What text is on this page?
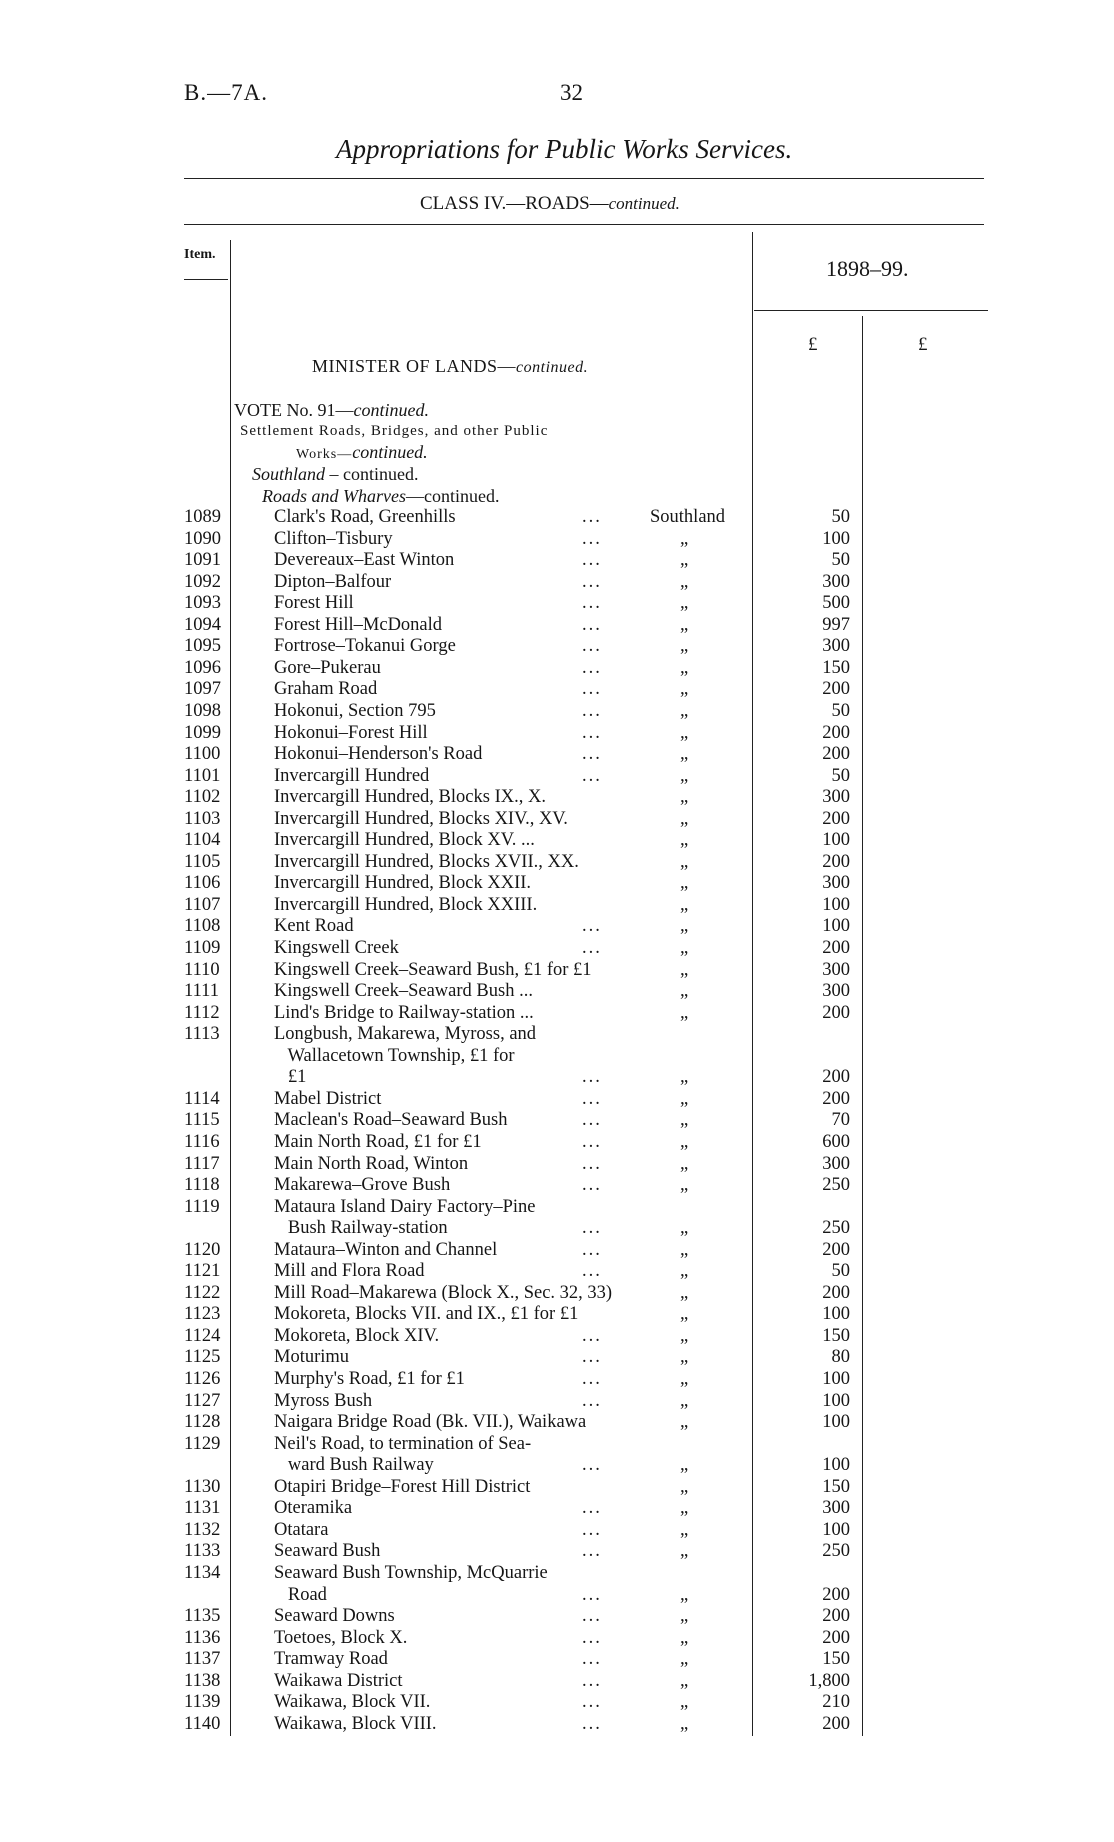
B.—7A.	32
Appropriations for Public Works Services.
CLASS IV.—ROADS—continued.
Item.
1898–99.
£	£
MINISTER OF LANDS—continued.
VOTE No. 91—continued.
Settlement Roads, Bridges, and other Public
Works—continued.
Southland – continued.
Roads and Wharves—continued.
1089	Clark's Road, Greenhills	...	Southland	50
1090	Clifton–Tisbury	...	„	100
1091	Devereaux–East Winton	...	„	50
1092	Dipton–Balfour	...	„	300
1093	Forest Hill	...	„	500
1094	Forest Hill–McDonald	...	„	997
1095	Fortrose–Tokanui Gorge	...	„	300
1096	Gore–Pukerau	...	„	150
1097	Graham Road	...	„	200
1098	Hokonui, Section 795	...	„	50
1099	Hokonui–Forest Hill	...	„	200
1100	Hokonui–Henderson's Road	...	„	200
1101	Invercargill Hundred	...	„	50
1102	Invercargill Hundred, Blocks IX., X.	„	300
1103	Invercargill Hundred, Blocks XIV., XV.	„	200
1104	Invercargill Hundred, Block XV. ...	„	100
1105	Invercargill Hundred, Blocks XVII., XX.	„	200
1106	Invercargill Hundred, Block XXII.	„	300
1107	Invercargill Hundred, Block XXIII.	„	100
1108	Kent Road	...	„	100
1109	Kingswell Creek	...	„	200
1110	Kingswell Creek–Seaward Bush, £1 for £1	„	300
1111	Kingswell Creek–Seaward Bush ...	„	300
1112	Lind's Bridge to Railway-station ...	„	200
1113	Longbush, Makarewa, Myross, and
Wallacetown Township, £1 for
£1	...	„	200
1114	Mabel District	...	„	200
1115	Maclean's Road–Seaward Bush	...	„	70
1116	Main North Road, £1 for £1	...	„	600
1117	Main North Road, Winton	...	„	300
1118	Makarewa–Grove Bush	...	„	250
1119	Mataura Island Dairy Factory–Pine
Bush Railway-station	...	„	250
1120	Mataura–Winton and Channel	...	„	200
1121	Mill and Flora Road	...	„	50
1122	Mill Road–Makarewa (Block X., Sec. 32, 33)	„	200
1123	Mokoreta, Blocks VII. and IX., £1 for £1	„	100
1124	Mokoreta, Block XIV.	...	„	150
1125	Moturimu	...	„	80
1126	Murphy's Road, £1 for £1	...	„	100
1127	Myross Bush	...	„	100
1128	Naigara Bridge Road (Bk. VII.), Waikawa	„	100
1129	Neil's Road, to termination of Sea-
ward Bush Railway	...	„	100
1130	Otapiri Bridge–Forest Hill District	„	150
1131	Oteramika	...	„	300
1132	Otatara	...	„	100
1133	Seaward Bush	...	„	250
1134	Seaward Bush Township, McQuarrie
Road	...	„	200
1135	Seaward Downs	...	„	200
1136	Toetoes, Block X.	...	„	200
1137	Tramway Road	...	„	150
1138	Waikawa District	...	„	1,800
1139	Waikawa, Block VII.	...	„	210
1140	Waikawa, Block VIII.	...	„	200
